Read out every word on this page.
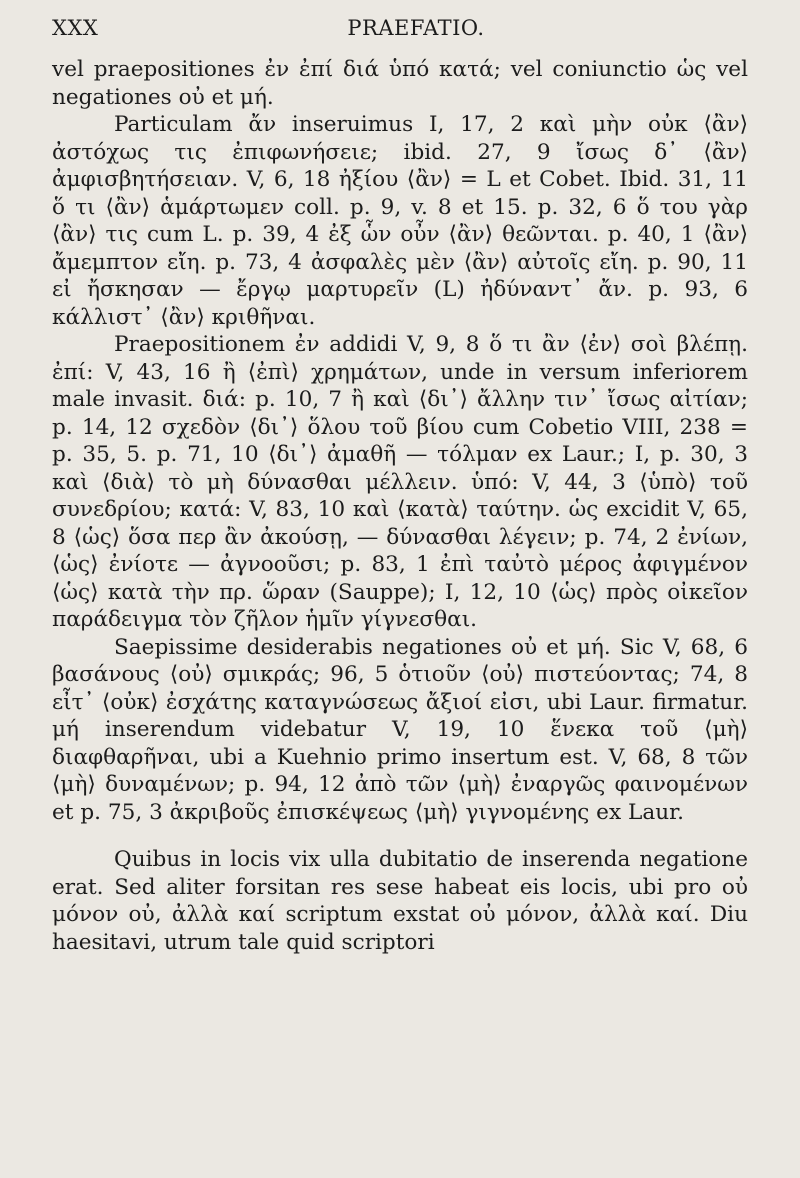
XXX	PRAEFATIO.

vel praepositiones ἐν ἐπί διά ὑπό κατά; vel coniunctio ὡς vel negationes οὐ et μή.

Particulam ἄν inseruimus I, 17, 2 καὶ μὴν οὐκ ⟨ἂν⟩ ἀστόχως τις ἐπιφωνήσειε; ibid. 27, 9 ἴσως δ᾽ ⟨ἂν⟩ ἀμφισβητήσειαν. V, 6, 18 ἠξίου ⟨ἂν⟩ = L et Cobet. Ibid. 31, 11 ὅ τι ⟨ἂν⟩ ἁμάρτωμεν coll. p. 9, v. 8 et 15. p. 32, 6 ὅ του γὰρ ⟨ἂν⟩ τις cum L. p. 39, 4 ἐξ ὧν οὖν ⟨ἂν⟩ θεῶνται. p. 40, 1 ⟨ἂν⟩ ἄμεμπτον εἴη. p. 73, 4 ἀσφαλὲς μὲν ⟨ἂν⟩ αὐτοῖς εἴη. p. 90, 11 εἰ ἤσκησαν — ἔργῳ μαρτυρεῖν (L) ἠδύναντ᾽ ἄν. p. 93, 6 κάλλιστ᾽ ⟨ἂν⟩ κριθῆναι.

Praepositionem ἐν addidi V, 9, 8 ὅ τι ἂν ⟨ἐν⟩ σοὶ βλέπῃ. ἐπί: V, 43, 16 ἢ ⟨ἐπὶ⟩ χρημάτων, unde in versum inferiorem male invasit. διά: p. 10, 7 ἢ καὶ ⟨δι᾽⟩ ἄλλην τιν᾽ ἴσως αἰτίαν; p. 14, 12 σχεδὸν ⟨δι᾽⟩ ὅλου τοῦ βίου cum Cobetio VIII, 238 = p. 35, 5. p. 71, 10 ⟨δι᾽⟩ ἀμαθῆ — τόλμαν ex Laur.; I, p. 30, 3 καὶ ⟨διὰ⟩ τὸ μὴ δύνασθαι μέλλειν. ὑπό: V, 44, 3 ⟨ὑπὸ⟩ τοῦ συνεδρίου; κατά: V, 83, 10 καὶ ⟨κατὰ⟩ ταύτην. ὡς excidit V, 65, 8 ⟨ὡς⟩ ὅσα περ ἂν ἀκούσῃ, — δύνασθαι λέγειν; p. 74, 2 ἐνίων, ⟨ὡς⟩ ἐνίοτε — ἀγνοοῦσι; p. 83, 1 ἐπὶ ταὐτὸ μέρος ἀφιγμένον ⟨ὡς⟩ κατὰ τὴν πρ. ὥραν (Sauppe); I, 12, 10 ⟨ὡς⟩ πρὸς οἰκεῖον παράδειγμα τὸν ζῆλον ἡμῖν γίγνεσθαι.

Saepissime desiderabis negationes οὐ et μή. Sic V, 68, 6 βασάνους ⟨οὐ⟩ σμικράς; 96, 5 ὁτιοῦν ⟨οὐ⟩ πιστεύοντας; 74, 8 εἶτ᾽ ⟨οὐκ⟩ ἐσχάτης καταγνώσεως ἄξιοί εἰσι, ubi Laur. firmatur. μή inserendum videbatur V, 19, 10 ἕνεκα τοῦ ⟨μὴ⟩ διαφθαρῆναι, ubi a Kuehnio primo insertum est. V, 68, 8 τῶν ⟨μὴ⟩ δυναμένων; p. 94, 12 ἀπὸ τῶν ⟨μὴ⟩ ἐναργῶς φαινομένων et p. 75, 3 ἀκριβοῦς ἐπισκέψεως ⟨μὴ⟩ γιγνομένης ex Laur.

Quibus in locis vix ulla dubitatio de inserenda negatione erat. Sed aliter forsitan res sese habeat eis locis, ubi pro οὐ μόνον οὐ, ἀλλὰ καί scriptum exstat οὐ μόνον, ἀλλὰ καί. Diu haesitavi, utrum tale quid scriptori
